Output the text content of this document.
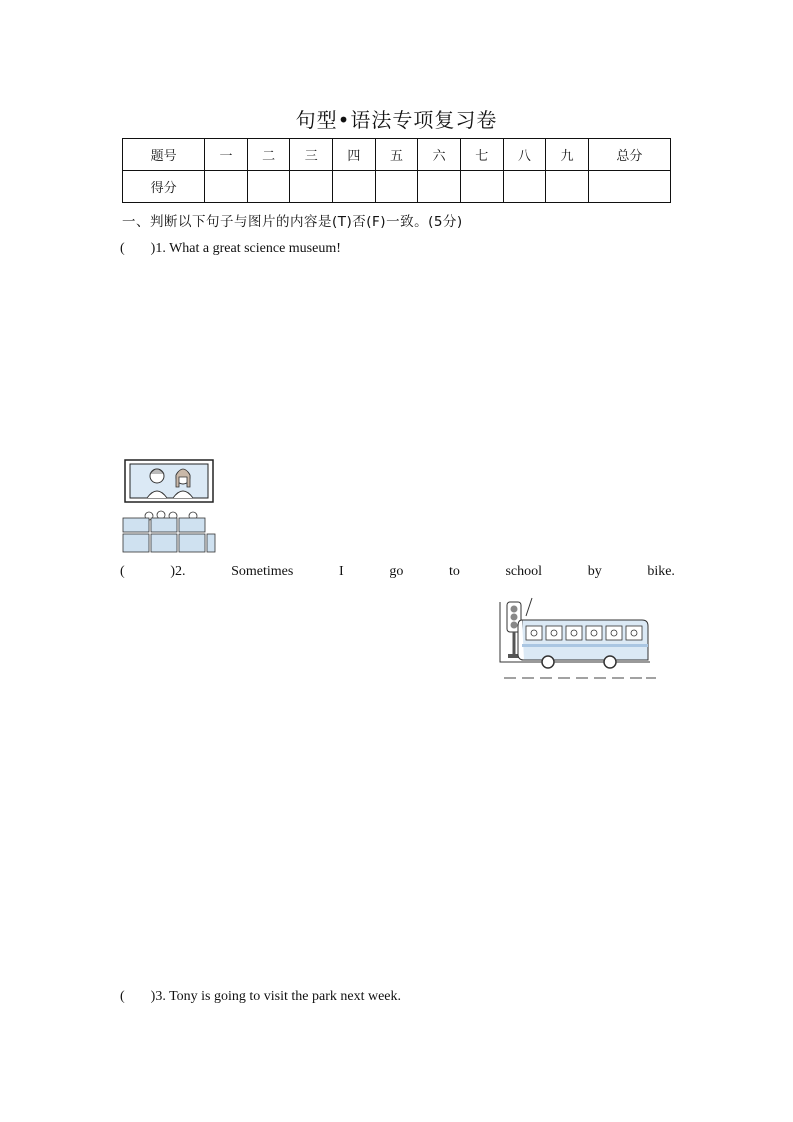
句型•语法专项复习卷
题号	一	二	三	四	五	六	七	八	九	总分
得分										
一、判断以下句子与图片的内容是(T)否(F)一致。(5分)
( )1. What a great science museum!
(	)2.	Sometimes	I	go	to	school	by	bike.
( )3. Tony is going to visit the park next week.
